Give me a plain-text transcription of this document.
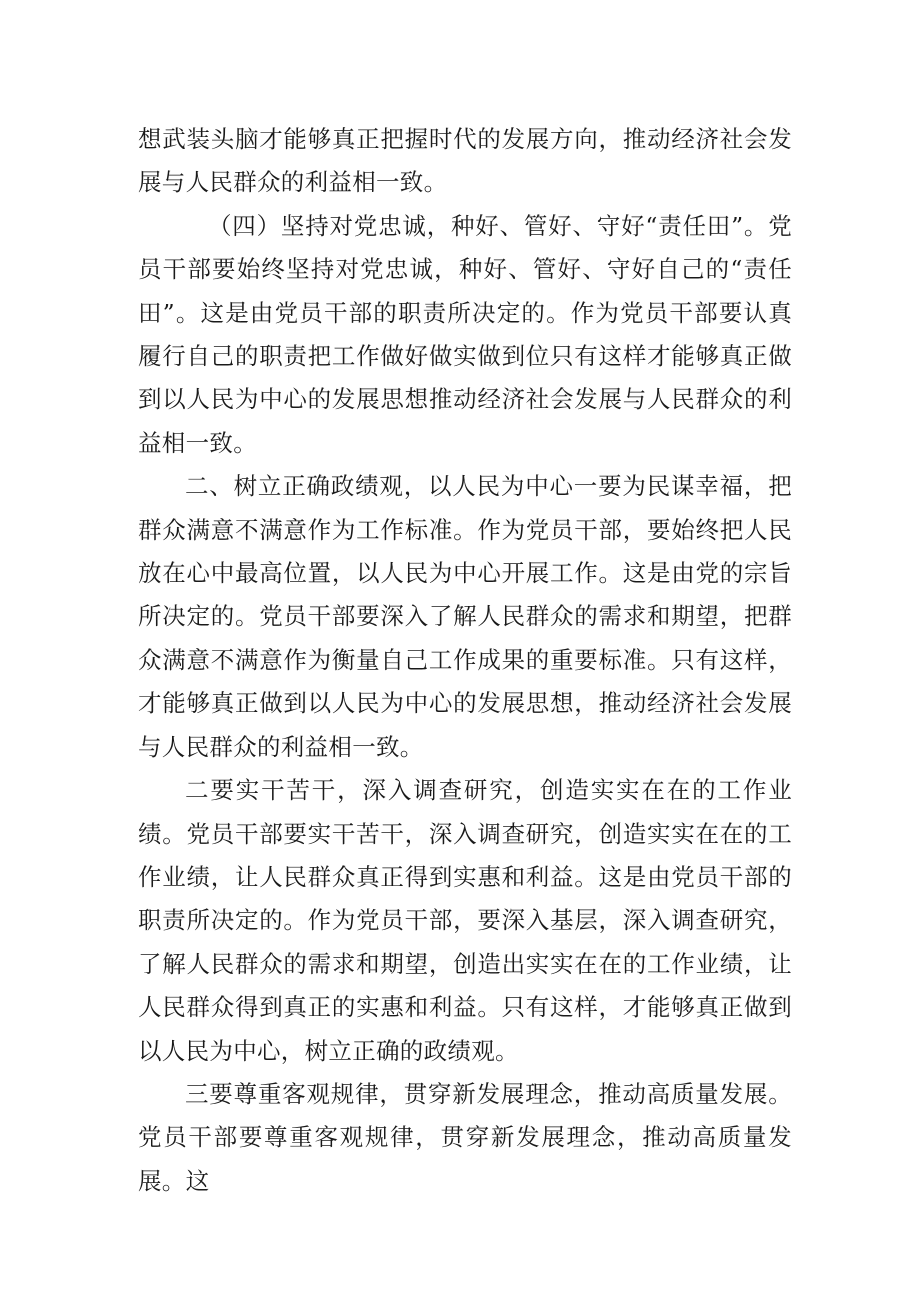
想武装头脑才能够真正把握时代的发展方向，推动经济社会发展与人民群众的利益相一致。

（四）坚持对党忠诚，种好、管好、守好“责任田”。党员干部要始终坚持对党忠诚，种好、管好、守好自己的“责任田”。这是由党员干部的职责所决定的。作为党员干部要认真履行自己的职责把工作做好做实做到位只有这样才能够真正做到以人民为中心的发展思想推动经济社会发展与人民群众的利益相一致。

二、树立正确政绩观，以人民为中心一要为民谋幸福，把群众满意不满意作为工作标准。作为党员干部，要始终把人民放在心中最高位置，以人民为中心开展工作。这是由党的宗旨所决定的。党员干部要深入了解人民群众的需求和期望，把群众满意不满意作为衡量自己工作成果的重要标准。只有这样，才能够真正做到以人民为中心的发展思想，推动经济社会发展与人民群众的利益相一致。

二要实干苦干，深入调查研究，创造实实在在的工作业绩。党员干部要实干苦干，深入调查研究，创造实实在在的工作业绩，让人民群众真正得到实惠和利益。这是由党员干部的职责所决定的。作为党员干部，要深入基层，深入调查研究，了解人民群众的需求和期望，创造出实实在在的工作业绩，让人民群众得到真正的实惠和利益。只有这样，才能够真正做到以人民为中心，树立正确的政绩观。

三要尊重客观规律，贯穿新发展理念，推动高质量发展。党员干部要尊重客观规律，贯穿新发展理念，推动高质量发展。这
